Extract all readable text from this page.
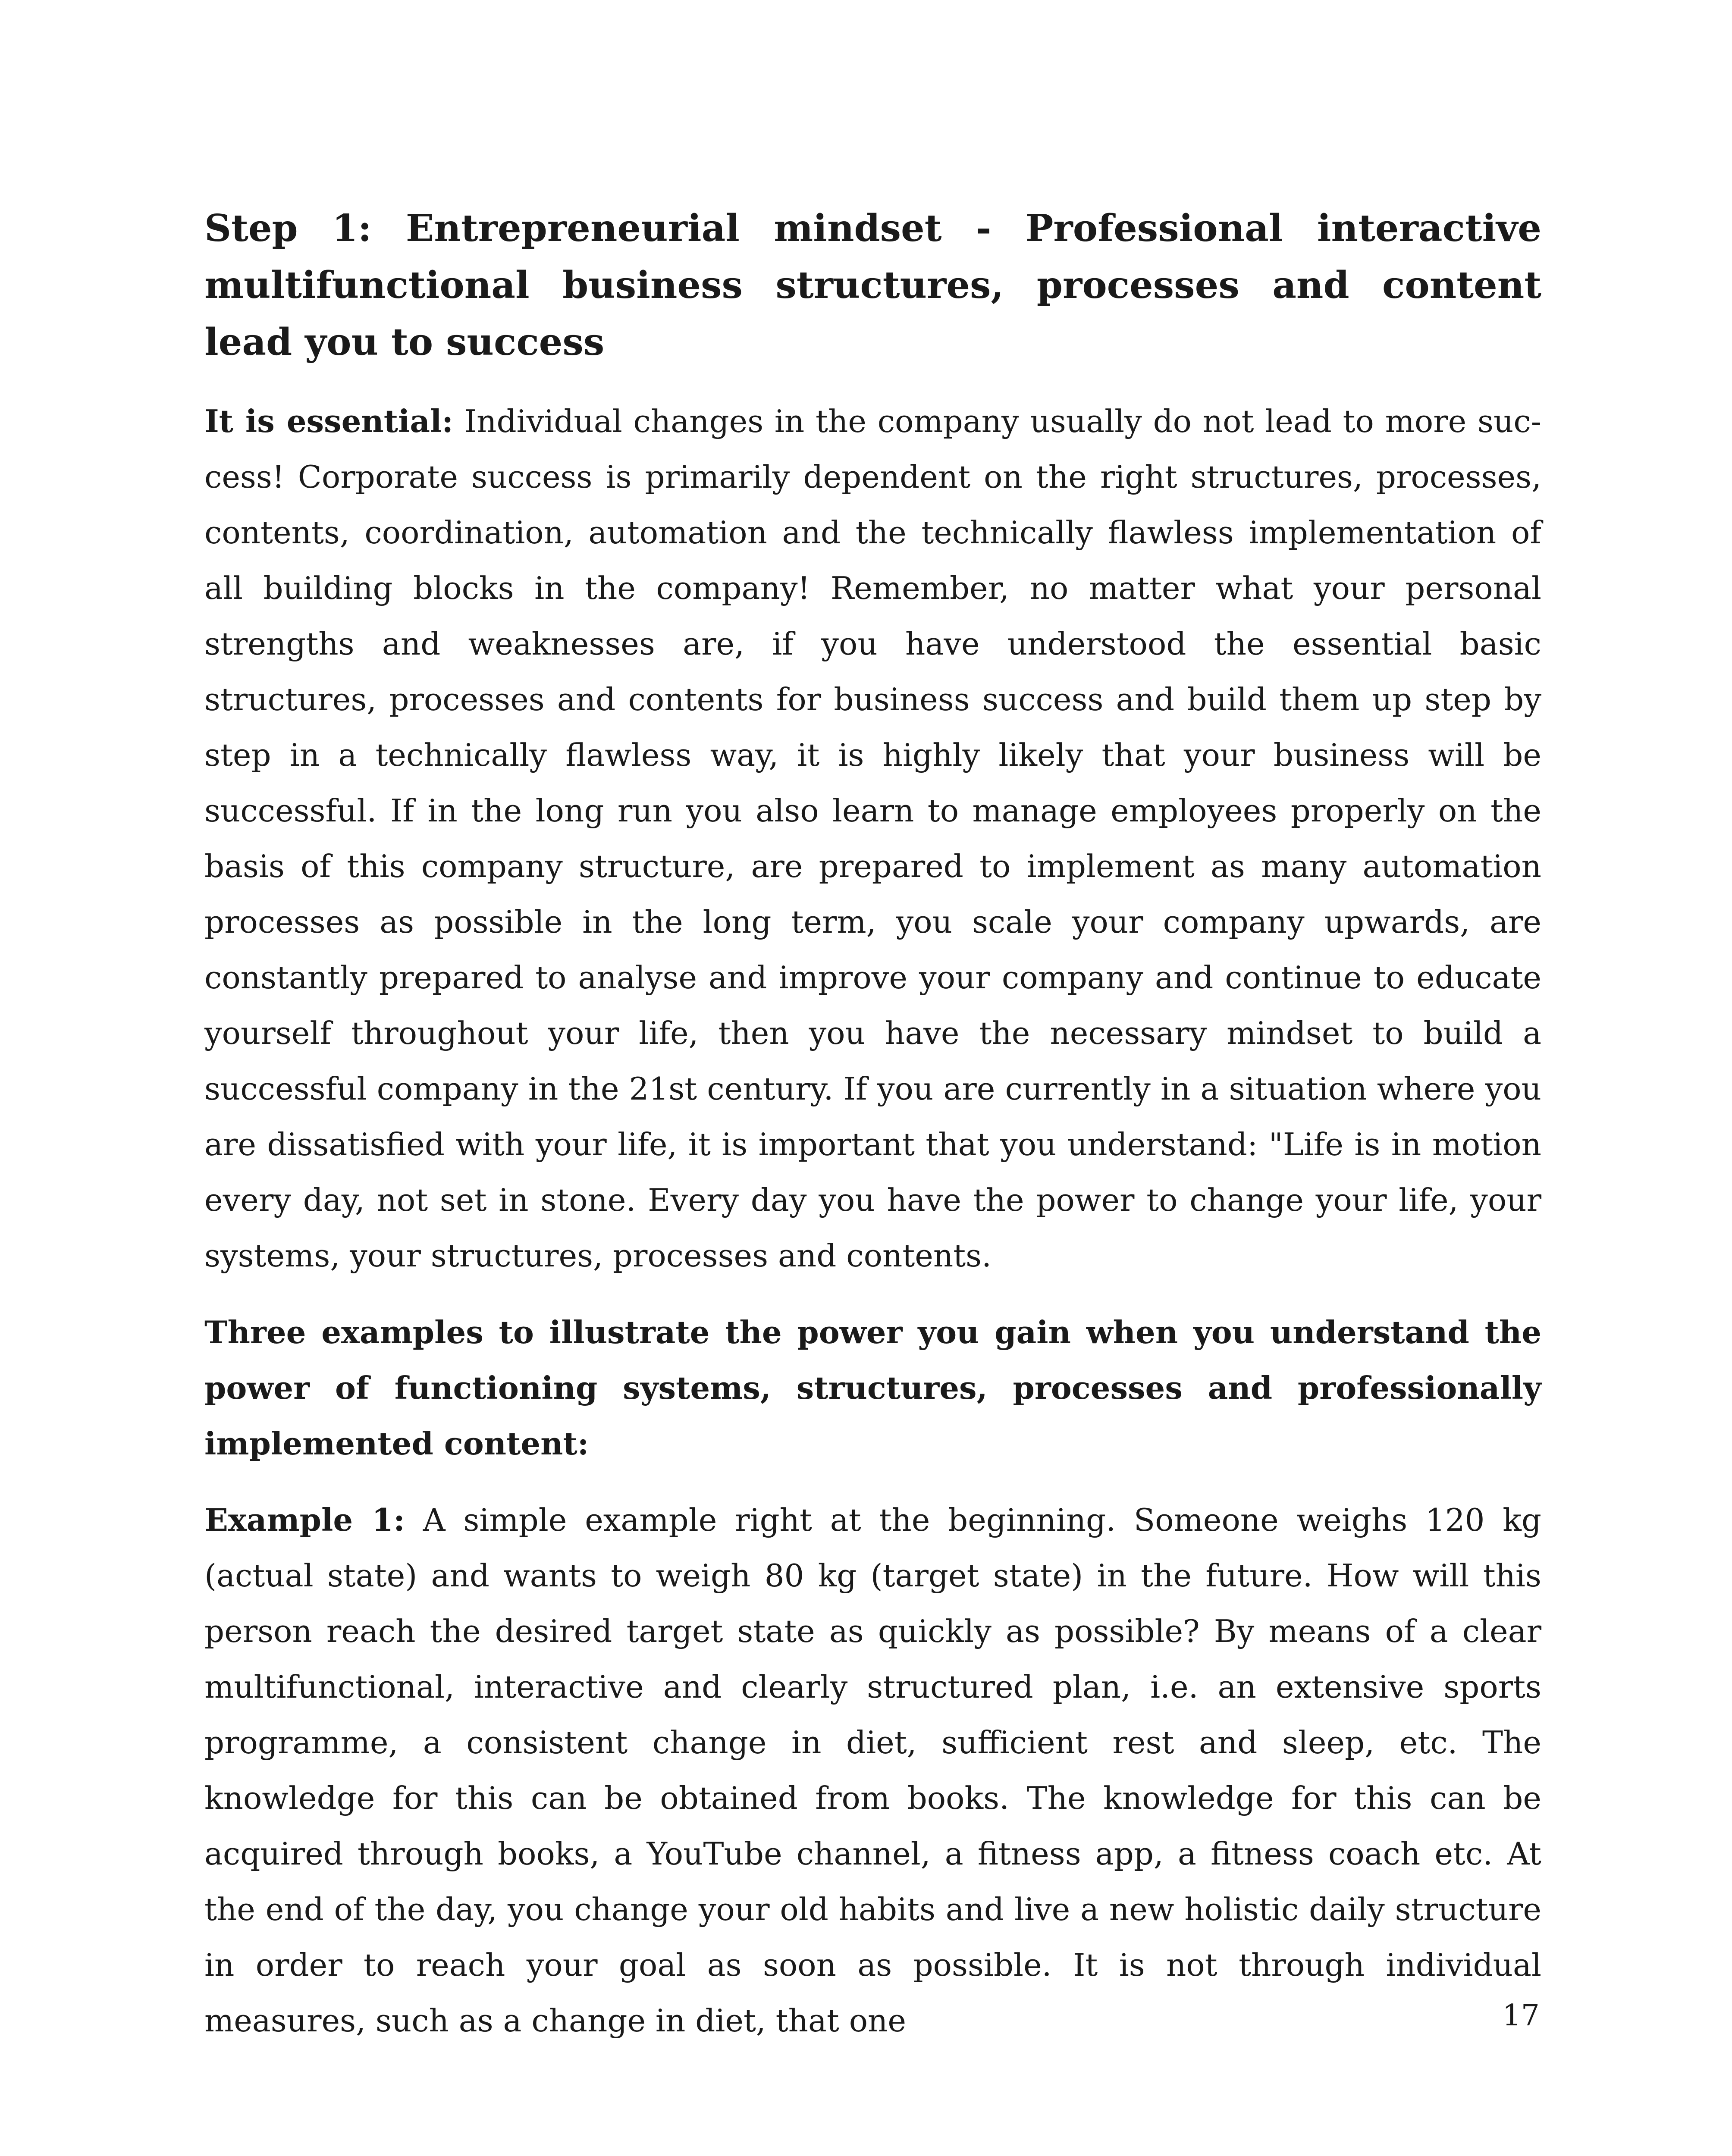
Step 1: Entrepreneurial mindset - Professional interactive multifunctional business structures, processes and content lead you to success

It is essential: Individual changes in the company usually do not lead to more success! Corporate success is primarily dependent on the right structures, processes, contents, coordination, automation and the technically flawless implementation of all building blocks in the company! Remember, no matter what your personal strengths and weaknesses are, if you have understood the essential basic structures, processes and contents for business success and build them up step by step in a technically flawless way, it is highly likely that your business will be successful. If in the long run you also learn to manage employees properly on the basis of this company structure, are prepared to implement as many automation processes as possible in the long term, you scale your company upwards, are constantly prepared to analyse and improve your company and continue to educate yourself throughout your life, then you have the necessary mindset to build a successful company in the 21st century. If you are currently in a situation where you are dissatisfied with your life, it is important that you understand: "Life is in motion every day, not set in stone. Every day you have the power to change your life, your systems, your structures, processes and contents.

Three examples to illustrate the power you gain when you understand the power of functioning systems, structures, processes and professionally implemented content:

Example 1: A simple example right at the beginning. Someone weighs 120 kg (actual state) and wants to weigh 80 kg (target state) in the future. How will this person reach the desired target state as quickly as possible? By means of a clear multifunctional, interactive and clearly structured plan, i.e. an extensive sports programme, a consistent change in diet, sufficient rest and sleep, etc. The knowledge for this can be obtained from books. The knowledge for this can be acquired through books, a YouTube channel, a fitness app, a fitness coach etc. At the end of the day, you change your old habits and live a new holistic daily structure in order to reach your goal as soon as possible. It is not through individual measures, such as a change in diet, that one	17
